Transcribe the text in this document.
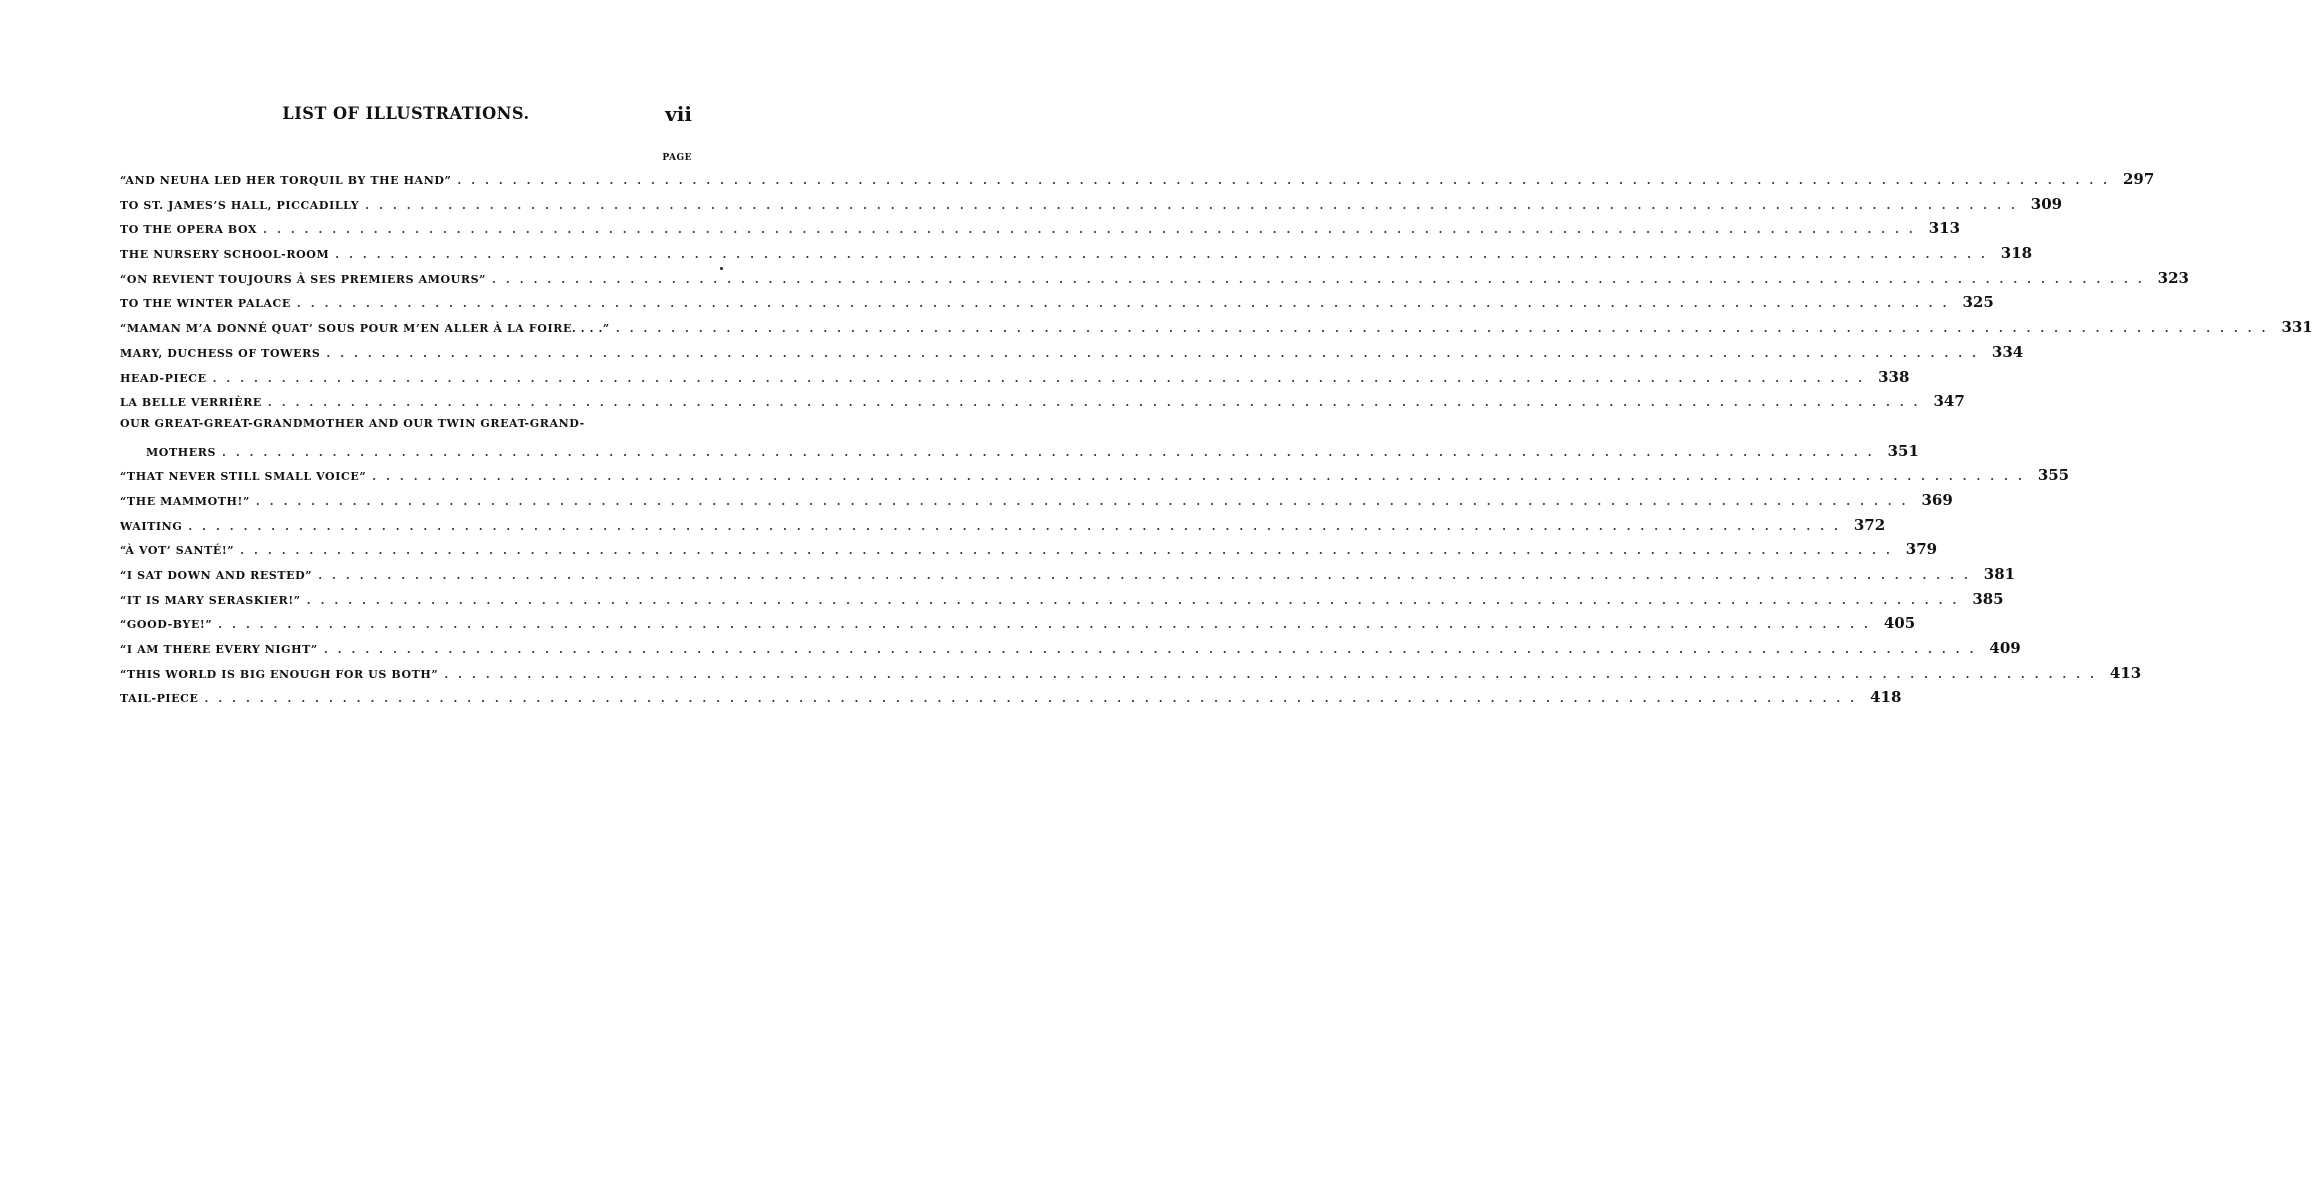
LIST OF ILLUSTRATIONS.	vii
PAGE
“AND NEUHA LED HER TORQUIL BY THE HAND” ........................................................................................................................ 297
TO ST. JAMES’S HALL, PICCADILLY ........................................................................................................................ 309
TO THE OPERA BOX ........................................................................................................................ 313
THE NURSERY SCHOOL-ROOM ........................................................................................................................ 318
“ON REVIENT TOUJOURS À SES PREMIERS AMOURS” ........................................................................................................................ 323
TO THE WINTER PALACE ........................................................................................................................ 325
“MAMAN M’A DONNÉ QUAT’ SOUS POUR M’EN ALLER À LA FOIRE. . . .” ........................................................................................................................ 331
MARY, DUCHESS OF TOWERS ........................................................................................................................ 334
HEAD-PIECE ........................................................................................................................ 338
LA BELLE VERRIÈRE ........................................................................................................................ 347
OUR GREAT-GREAT-GRANDMOTHER AND OUR TWIN GREAT-GRAND-
MOTHERS ........................................................................................................................ 351
“THAT NEVER STILL SMALL VOICE” ........................................................................................................................ 355
“THE MAMMOTH!” ........................................................................................................................ 369
WAITING ........................................................................................................................ 372
“À VOT’ SANTÉ!” ........................................................................................................................ 379
“I SAT DOWN AND RESTED” ........................................................................................................................ 381
“IT IS MARY SERASKIER!” ........................................................................................................................ 385
“GOOD-BYE!” ........................................................................................................................ 405
“I AM THERE EVERY NIGHT” ........................................................................................................................ 409
“THIS WORLD IS BIG ENOUGH FOR US BOTH” ........................................................................................................................ 413
TAIL-PIECE ........................................................................................................................ 418
